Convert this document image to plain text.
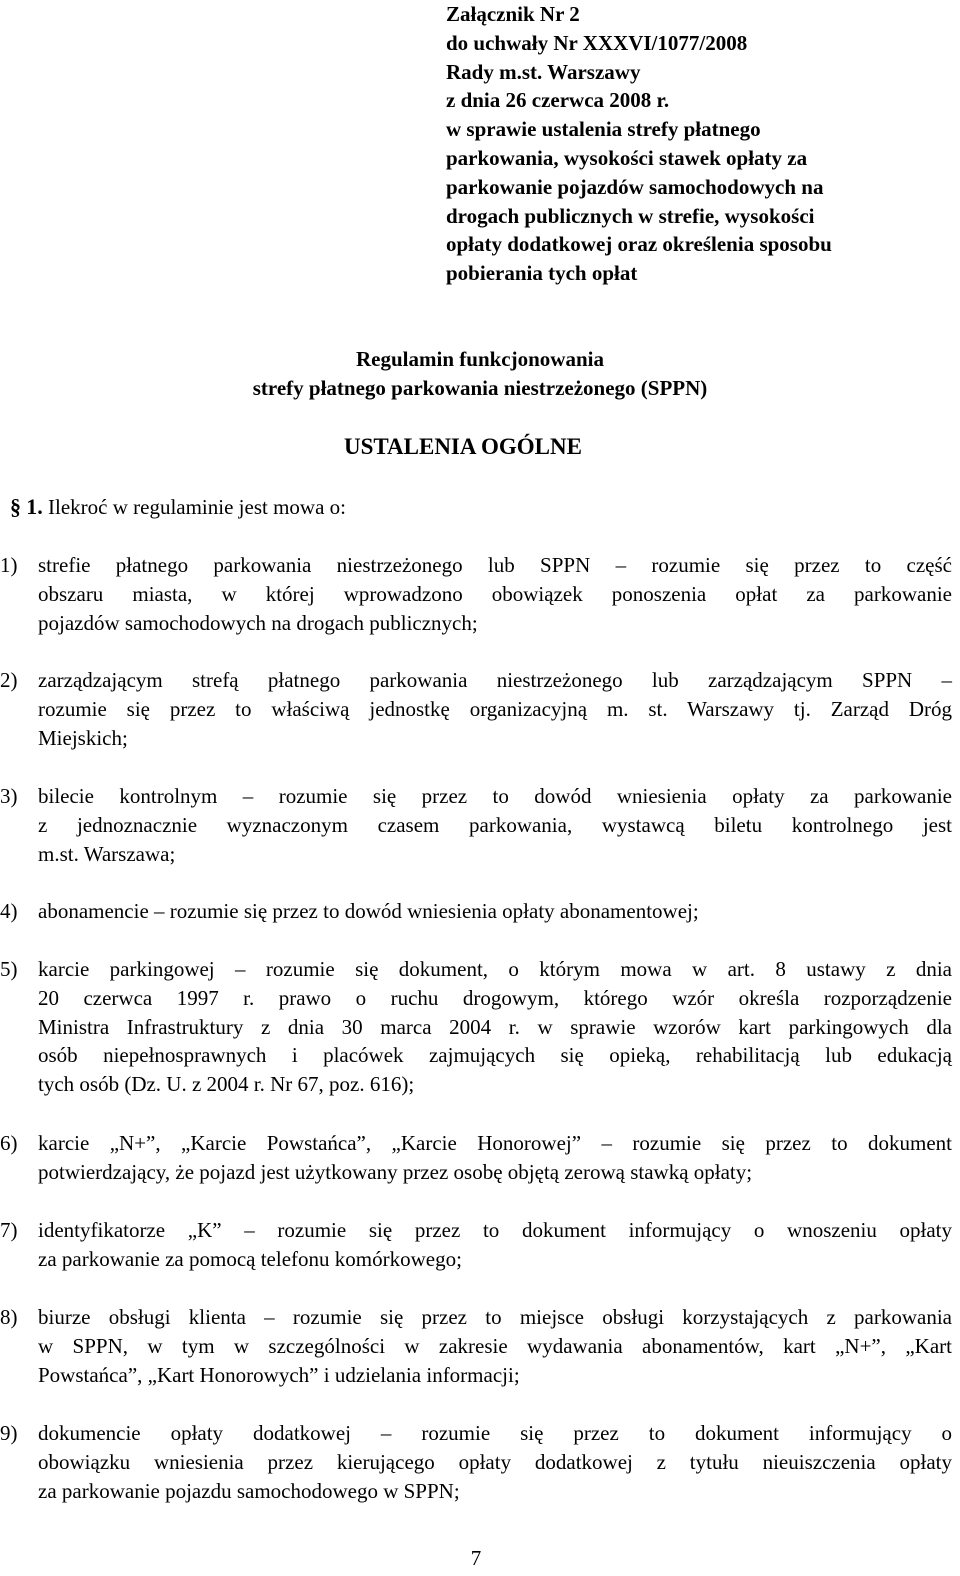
Załącznik Nr 2
do uchwały Nr XXXVI/1077/2008
Rady m.st. Warszawy
z dnia 26 czerwca 2008 r.
w sprawie ustalenia strefy płatnego
parkowania, wysokości stawek opłaty za
parkowanie pojazdów samochodowych na
drogach publicznych w strefie, wysokości
opłaty dodatkowej oraz określenia sposobu
pobierania tych opłat
Regulamin funkcjonowania
strefy płatnego parkowania niestrzeżonego (SPPN)
USTALENIA OGÓLNE
§ 1. Ilekroć w regulaminie jest mowa o:
1) strefie płatnego parkowania niestrzeżonego lub SPPN – rozumie się przez to część
obszaru miasta, w której wprowadzono obowiązek ponoszenia opłat za parkowanie
pojazdów samochodowych na drogach publicznych;
2) zarządzającym strefą płatnego parkowania niestrzeżonego lub zarządzającym SPPN –
rozumie się przez to właściwą jednostkę organizacyjną m. st. Warszawy tj. Zarząd Dróg
Miejskich;
3) bilecie kontrolnym – rozumie się przez to dowód wniesienia opłaty za parkowanie
z jednoznacznie wyznaczonym czasem parkowania, wystawcą biletu kontrolnego jest
m.st. Warszawa;
4) abonamencie – rozumie się przez to dowód wniesienia opłaty abonamentowej;
5) karcie parkingowej – rozumie się dokument, o którym mowa w art. 8 ustawy z dnia
20 czerwca 1997 r. prawo o ruchu drogowym, którego wzór określa rozporządzenie
Ministra Infrastruktury z dnia 30 marca 2004 r. w sprawie wzorów kart parkingowych dla
osób niepełnosprawnych i placówek zajmujących się opieką, rehabilitacją lub edukacją
tych osób (Dz. U. z 2004 r. Nr 67, poz. 616);
6) karcie „N+”, „Karcie Powstańca”, „Karcie Honorowej” – rozumie się przez to dokument
potwierdzający, że pojazd jest użytkowany przez osobę objętą zerową stawką opłaty;
7) identyfikatorze „K” – rozumie się przez to dokument informujący o wnoszeniu opłaty
za parkowanie za pomocą telefonu komórkowego;
8) biurze obsługi klienta – rozumie się przez to miejsce obsługi korzystających z parkowania
w SPPN, w tym w szczególności w zakresie wydawania abonamentów, kart „N+”, „Kart
Powstańca”, „Kart Honorowych” i udzielania informacji;
9) dokumencie opłaty dodatkowej – rozumie się przez to dokument informujący o
obowiązku wniesienia przez kierującego opłaty dodatkowej z tytułu nieuiszczenia opłaty
za parkowanie pojazdu samochodowego w SPPN;
7
